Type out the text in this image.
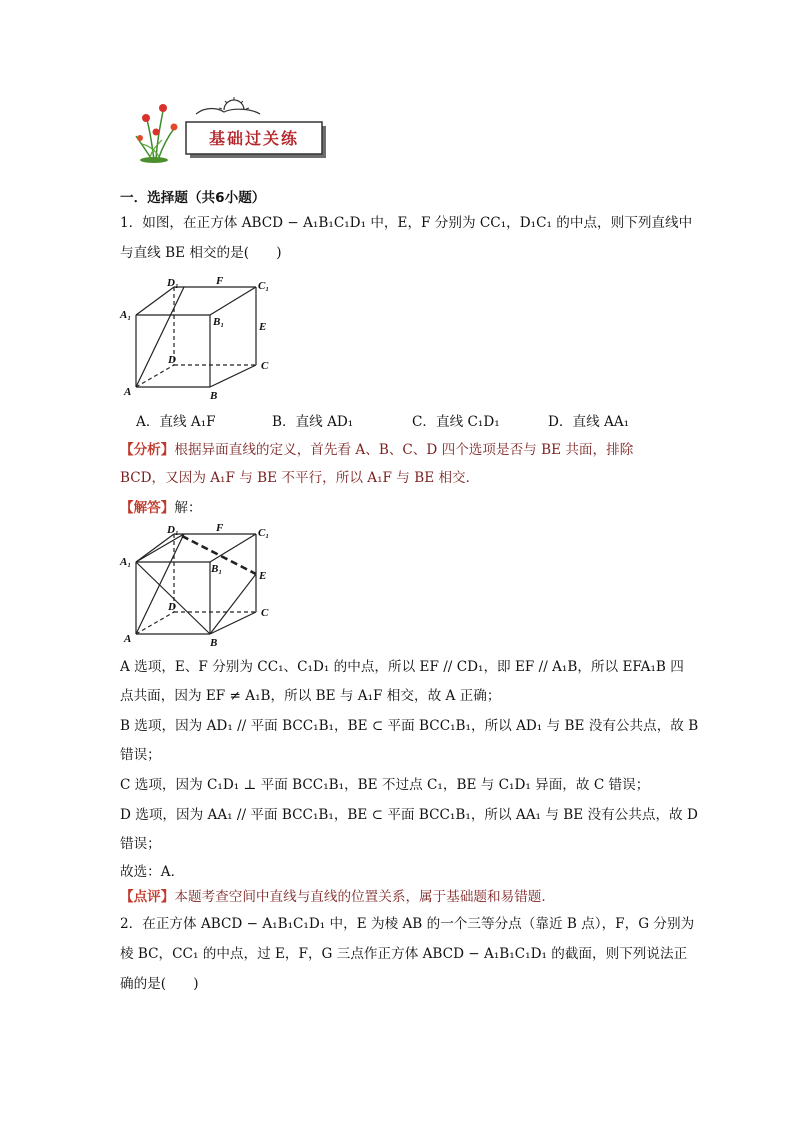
基础过关练
一．选择题（共6小题）
1．如图，在正方体 ABCD − A₁B₁C₁D₁ 中，E，F 分别为 CC₁，D₁C₁ 的中点，则下列直线中
与直线 BE 相交的是(　　)
D₁	F	C₁
A₁
B₁	E
D	C
A	B
A．直线 A₁F	B．直线 AD₁	C．直线 C₁D₁	D．直线 AA₁
【分析】根据异面直线的定义，首先看 A、B、C、D 四个选项是否与 BE 共面，排除
BCD，又因为 A₁F 与 BE 不平行，所以 A₁F 与 BE 相交．
【解答】解：
D₁	F	C₁
A₁
B₁
E
D	C
A	B
A 选项，E、F 分别为 CC₁、C₁D₁ 的中点，所以 EF // CD₁，即 EF // A₁B，所以 EFA₁B 四
点共面，因为 EF ≠ A₁B，所以 BE 与 A₁F 相交，故 A 正确；
B 选项，因为 AD₁ // 平面 BCC₁B₁，BE ⊂ 平面 BCC₁B₁，所以 AD₁ 与 BE 没有公共点，故 B
错误；
C 选项，因为 C₁D₁ ⊥ 平面 BCC₁B₁，BE 不过点 C₁，BE 与 C₁D₁ 异面，故 C 错误；
D 选项，因为 AA₁ // 平面 BCC₁B₁，BE ⊂ 平面 BCC₁B₁，所以 AA₁ 与 BE 没有公共点，故 D
错误；
故选：A．
【点评】本题考查空间中直线与直线的位置关系，属于基础题和易错题．
2．在正方体 ABCD − A₁B₁C₁D₁ 中，E 为棱 AB 的一个三等分点（靠近 B 点），F，G 分别为
棱 BC，CC₁ 的中点，过 E，F，G 三点作正方体 ABCD − A₁B₁C₁D₁ 的截面，则下列说法正
确的是(　　)
